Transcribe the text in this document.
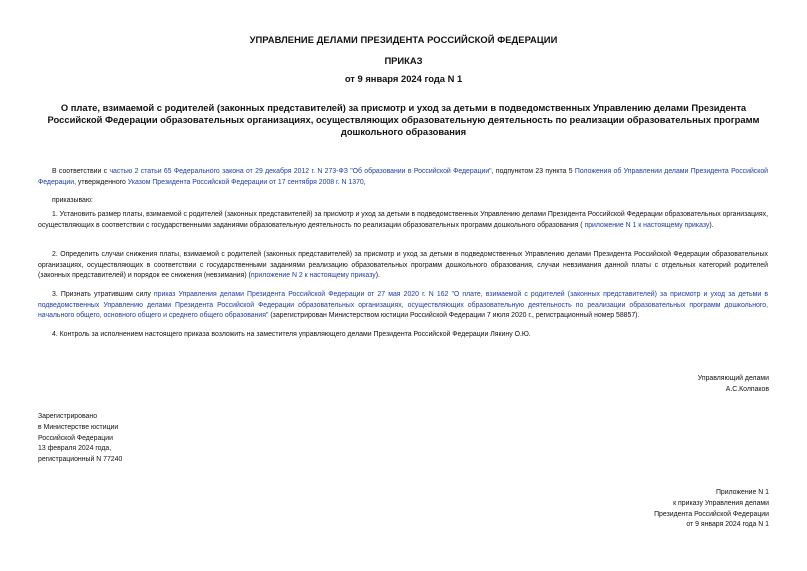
УПРАВЛЕНИЕ ДЕЛАМИ ПРЕЗИДЕНТА РОССИЙСКОЙ ФЕДЕРАЦИИ
ПРИКАЗ
от 9 января 2024 года N 1
О плате, взимаемой с родителей (законных представителей) за присмотр и уход за детьми в подведомственных Управлению делами Президента Российской Федерации образовательных организациях, осуществляющих образовательную деятельность по реализации образовательных программ дошкольного образования
В соответствии с частью 2 статьи 65 Федерального закона от 29 декабря 2012 г. N 273-ФЗ "Об образовании в Российской Федерации", подпунктом 23 пункта 5 Положения об Управлении делами Президента Российской Федерации, утвержденного Указом Президента Российской Федерации от 17 сентября 2008 г. N 1370,
приказываю:
1. Установить размер платы, взимаемой с родителей (законных представителей) за присмотр и уход за детьми в подведомственных Управлению делами Президента Российской Федерации образовательных организациях, осуществляющих в соответствии с государственными заданиями образовательную деятельность по реализации образовательных программ дошкольного образования ( приложение N 1 к настоящему приказу).
2. Определить случаи снижения платы, взимаемой с родителей (законных представителей) за присмотр и уход за детьми в подведомственных Управлению делами Президента Российской Федерации образовательных организациях, осуществляющих в соответствии с государственными заданиями реализацию образовательных программ дошкольного образования, случаи невзимания данной платы с отдельных категорий родителей (законных представителей) и порядок ее снижения (невзимания) (приложение N 2 к настоящему приказу).
3. Признать утратившим силу приказ Управления делами Президента Российской Федерации от 27 мая 2020 г. N 162 "О плате, взимаемой с родителей (законных представителей) за присмотр и уход за детьми в подведомственных Управлению делами Президента Российской Федерации образовательных организациях, осуществляющих образовательную деятельность по реализации образовательных программ дошкольного, начального общего, основного общего и среднего общего образования" (зарегистрирован Министерством юстиции Российской Федерации 7 июля 2020 г., регистрационный номер 58857).
4. Контроль за исполнением настоящего приказа возложить на заместителя управляющего делами Президента Российской Федерации Лякину О.Ю.
Управляющий делами
А.С.Колпаков
Зарегистрировано
в Министерстве юстиции
Российской Федерации
13 февраля 2024 года,
регистрационный N 77240
Приложение N 1
к приказу Управления делами
Президента Российской Федерации
от 9 января 2024 года N 1
